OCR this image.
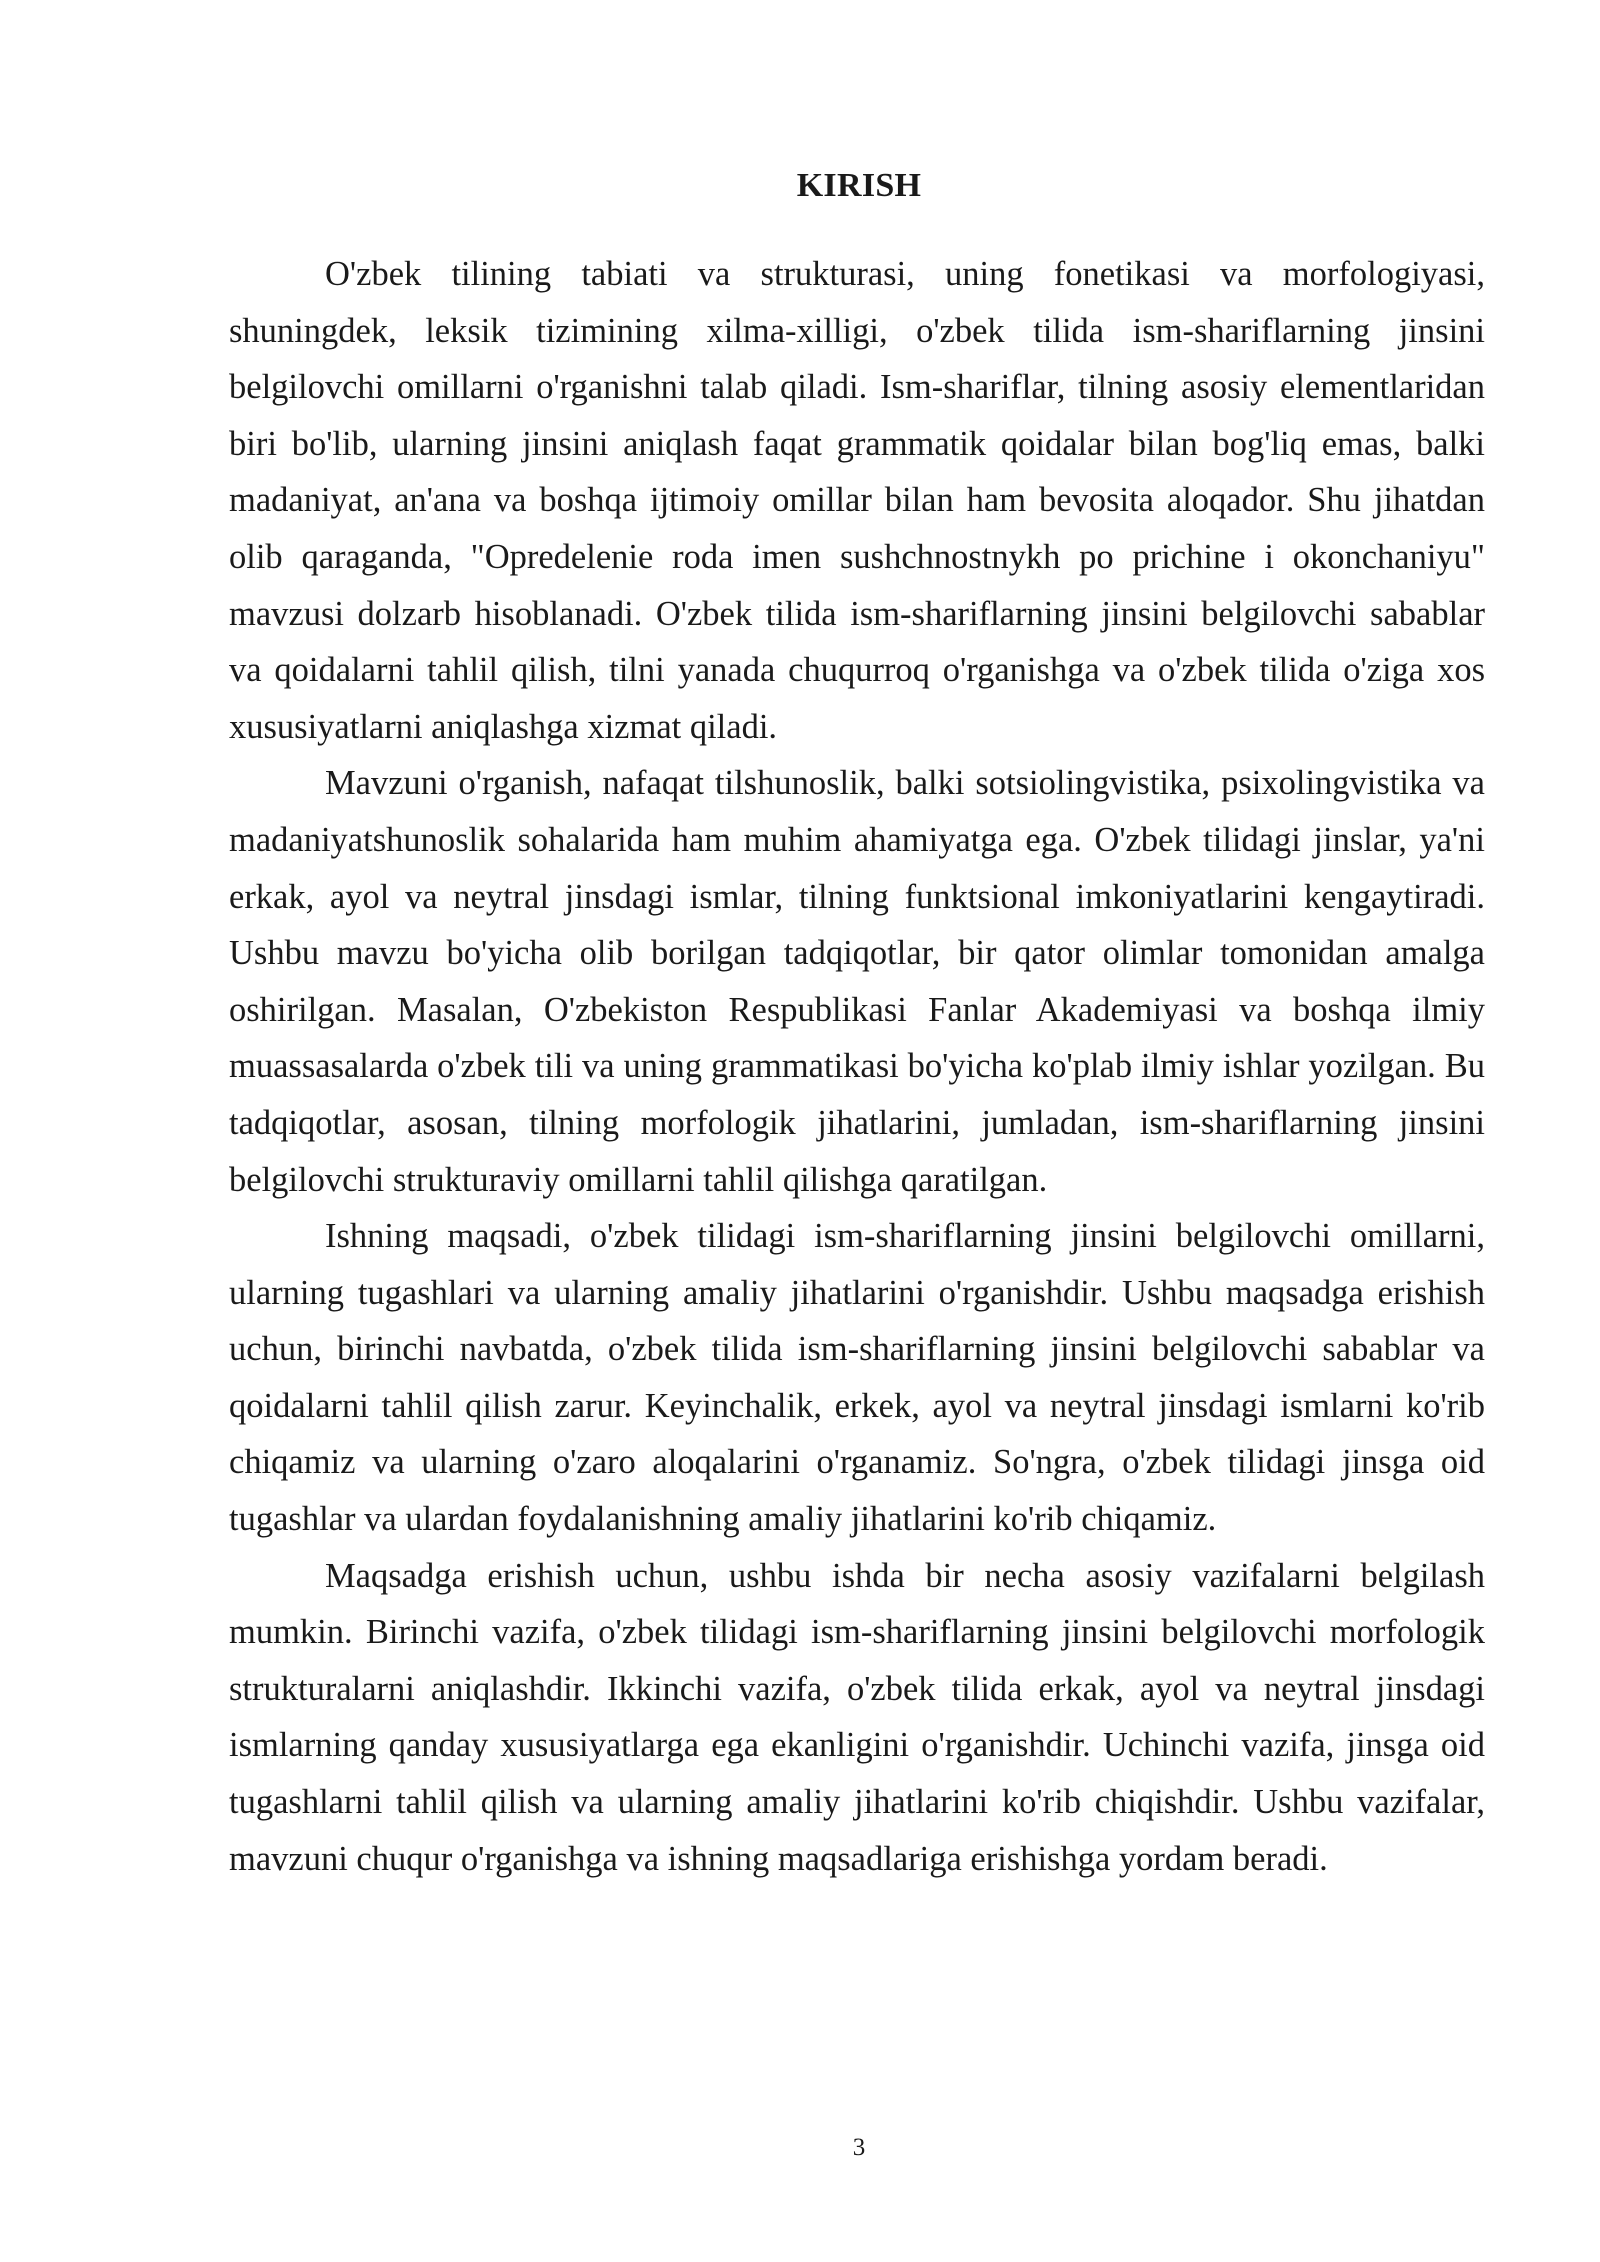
KIRISH

O'zbek tilining tabiati va strukturasi, uning fonetikasi va morfologiyasi, shuningdek, leksik tizimining xilma-xilligi, o'zbek tilida ism-shariflarning jinsini belgilovchi omillarni o'rganishni talab qiladi. Ism-shariflar, tilning asosiy elementlaridan biri bo'lib, ularning jinsini aniqlash faqat grammatik qoidalar bilan bog'liq emas, balki madaniyat, an'ana va boshqa ijtimoiy omillar bilan ham bevosita aloqador. Shu jihatdan olib qaraganda, "Opredelenie roda imen sushchnostnykh po prichine i okonchaniyu" mavzusi dolzarb hisoblanadi. O'zbek tilida ism-shariflarning jinsini belgilovchi sabablar va qoidalarni tahlil qilish, tilni yanada chuqurroq o'rganishga va o'zbek tilida o'ziga xos xususiyatlarni aniqlashga xizmat qiladi.

Mavzuni o'rganish, nafaqat tilshunoslik, balki sotsiolingvistika, psixolingvistika va madaniyatshunoslik sohalarida ham muhim ahamiyatga ega. O'zbek tilidagi jinslar, ya'ni erkak, ayol va neytral jinsdagi ismlar, tilning funktsional imkoniyatlarini kengaytiradi. Ushbu mavzu bo'yicha olib borilgan tadqiqotlar, bir qator olimlar tomonidan amalga oshirilgan. Masalan, O'zbekiston Respublikasi Fanlar Akademiyasi va boshqa ilmiy muassasalarda o'zbek tili va uning grammatikasi bo'yicha ko'plab ilmiy ishlar yozilgan. Bu tadqiqotlar, asosan, tilning morfologik jihatlarini, jumladan, ism-shariflarning jinsini belgilovchi strukturaviy omillarni tahlil qilishga qaratilgan.

Ishning maqsadi, o'zbek tilidagi ism-shariflarning jinsini belgilovchi omillarni, ularning tugashlari va ularning amaliy jihatlarini o'rganishdir. Ushbu maqsadga erishish uchun, birinchi navbatda, o'zbek tilida ism-shariflarning jinsini belgilovchi sabablar va qoidalarni tahlil qilish zarur. Keyinchalik, erkek, ayol va neytral jinsdagi ismlarni ko'rib chiqamiz va ularning o'zaro aloqalarini o'rganamiz. So'ngra, o'zbek tilidagi jinsga oid tugashlar va ulardan foydalanishning amaliy jihatlarini ko'rib chiqamiz.

Maqsadga erishish uchun, ushbu ishda bir necha asosiy vazifalarni belgilash mumkin. Birinchi vazifa, o'zbek tilidagi ism-shariflarning jinsini belgilovchi morfologik strukturalarni aniqlashdir. Ikkinchi vazifa, o'zbek tilida erkak, ayol va neytral jinsdagi ismlarning qanday xususiyatlarga ega ekanligini o'rganishdir. Uchinchi vazifa, jinsga oid tugashlarni tahlil qilish va ularning amaliy jihatlarini ko'rib chiqishdir. Ushbu vazifalar, mavzuni chuqur o'rganishga va ishning maqsadlariga erishishga yordam beradi.

3
